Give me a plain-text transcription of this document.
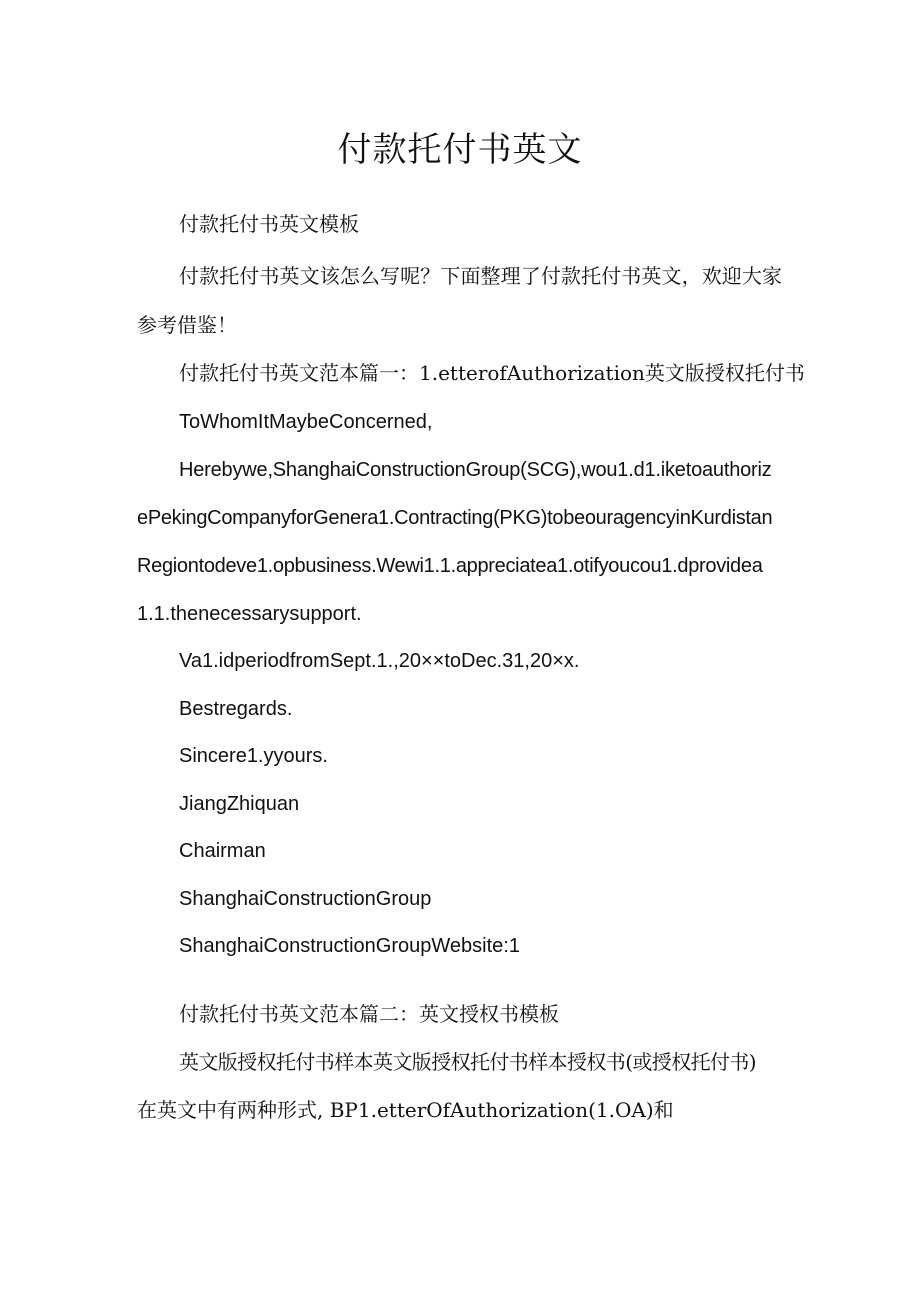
付款托付书英文

付款托付书英文模板

付款托付书英文该怎么写呢？下面整理了付款托付书英文，欢迎大家

参考借鉴！

付款托付书英文范本篇一：1.etterofAuthorization英文版授权托付书

ToWhomItMaybeConcerned,

Herebywe,ShanghaiConstructionGroup(SCG),wou1.d1.iketoauthoriz

ePekingCompanyforGenera1.Contracting(PKG)tobeouragencyinKurdistan

Regiontodeve1.opbusiness.Wewi1.1.appreciatea1.otifyoucou1.dprovidea

1.1.thenecessarysupport.

Va1.idperiodfromSept.1.,20××toDec.31,20×x.

Bestregards.

Sincere1.yyours.

JiangZhiquan

Chairman

ShanghaiConstructionGroup

ShanghaiConstructionGroupWebsite:1

付款托付书英文范本篇二：英文授权书模板

英文版授权托付书样本英文版授权托付书样本授权书(或授权托付书)

在英文中有两种形式, BP1.etterOfAuthorization(1.OA)和
